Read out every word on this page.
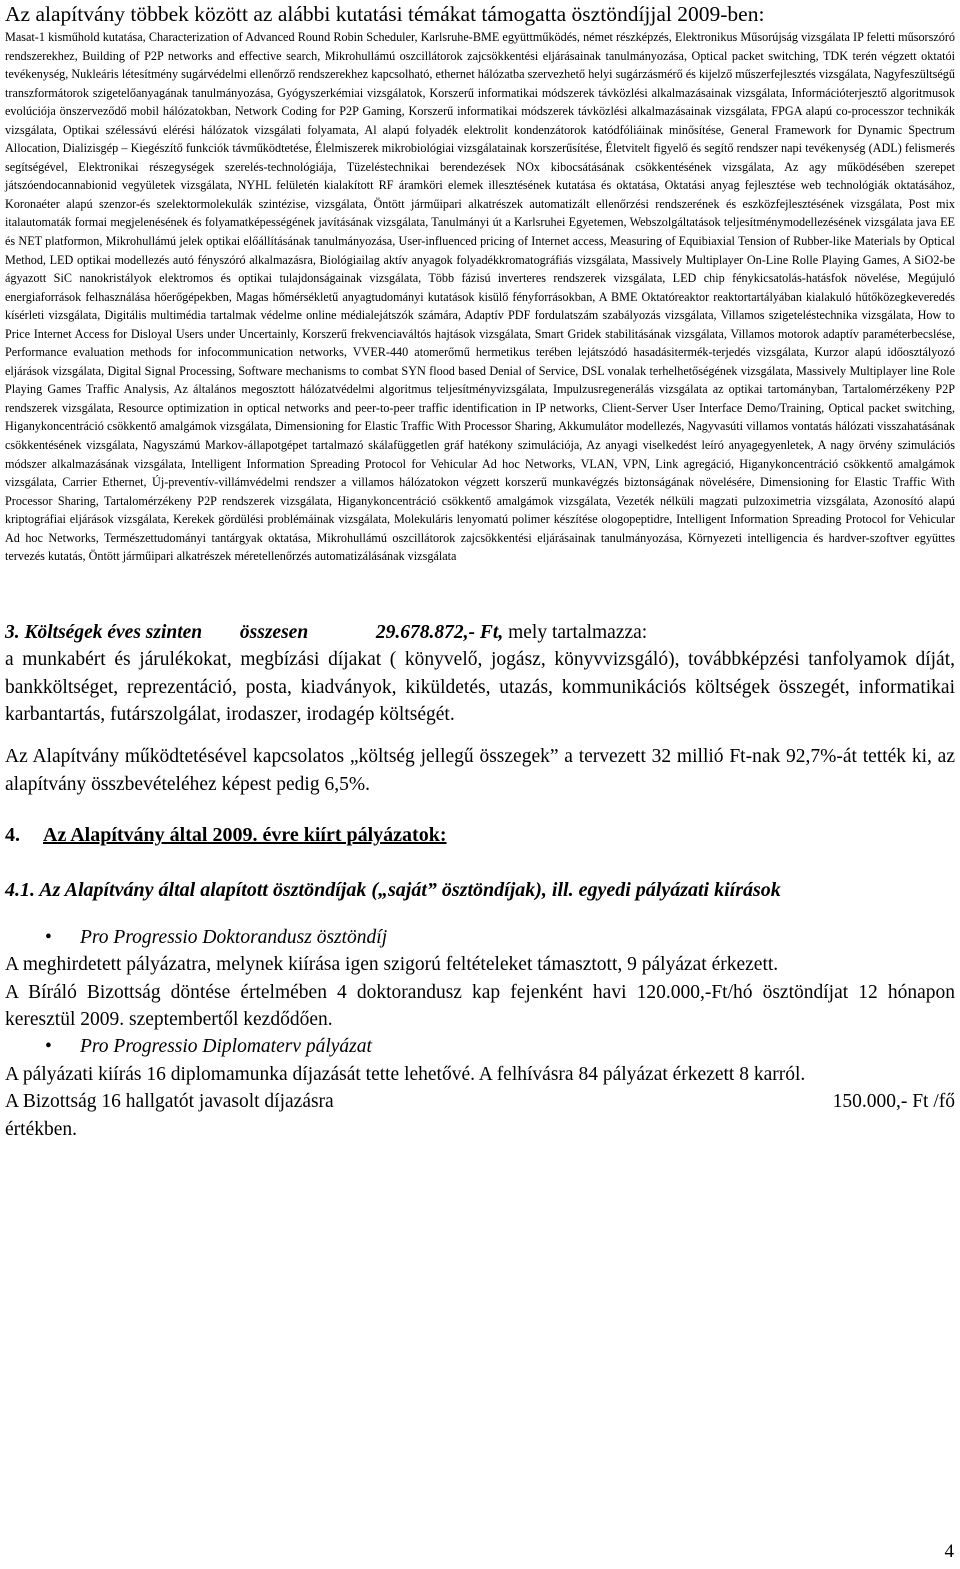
Az alapítvány többek között az alábbi kutatási témákat támogatta ösztöndíjjal 2009-ben:

Masat-1 kisműhold kutatása, Characterization of Advanced Round Robin Scheduler, Karlsruhe-BME együttműködés, német részképzés, Elektronikus Műsorújság vizsgálata IP feletti műsorszóró rendszerekhez, Building of P2P networks and effective search, Mikrohullámú oszcillátorok zajcsökkentési eljárásainak tanulmányozása, Optical packet switching, TDK terén végzett oktatói tevékenység, Nukleáris létesítmény sugárvédelmi ellenőrző rendszerekhez kapcsolható, ethernet hálózatba szervezhető helyi sugárzásmérő és kijelző műszerfejlesztés vizsgálata, Nagyfeszültségű transzformátorok szigetelőanyagának tanulmányozása, Gyógyszerkémiai vizsgálatok, Korszerű informatikai módszerek távközlési alkalmazásainak vizsgálata, Információterjesztő algoritmusok evolúciója önszerveződő mobil hálózatokban, Network Coding for P2P Gaming, Korszerű informatikai módszerek távközlési alkalmazásainak vizsgálata, FPGA alapú co-processzor technikák vizsgálata, Optikai szélessávú elérési hálózatok vizsgálati folyamata, Al alapú folyadék elektrolit kondenzátorok katódfóliáinak minősítése, General Framework for Dynamic Spectrum Allocation, Dializisgép – Kiegészítő funkciók távműködtetése, Élelmiszerek mikrobiológiai vizsgálatainak korszerűsítése, Életvitelt figyelő és segítő rendszer napi tevékenység (ADL) felismerés segítségével, Elektronikai részegységek szerelés-technológiája, Tüzeléstechnikai berendezések NOx kibocsátásának csökkentésének vizsgálata, Az agy működésében szerepet játszóendocannabionid vegyületek vizsgálata, NYHL felületén kialakított RF áramköri elemek illesztésének kutatása és oktatása, Oktatási anyag fejlesztése web technológiák oktatásához, Koronaéter alapú szenzor-és szelektormolekulák szintézise, vizsgálata, Öntött járműipari alkatrészek automatizált ellenőrzési rendszerének és eszközfejlesztésének vizsgálata, Post mix italautomaták formai megjelenésének és folyamatképességének javításának vizsgálata, Tanulmányi út a Karlsruhei Egyetemen, Webszolgáltatások teljesítménymodellezésének vizsgálata java EE és NET platformon, Mikrohullámú jelek optikai előállításának tanulmányozása, User-influenced pricing of Internet access, Measuring of Equibiaxial Tension of Rubber-like Materials by Optical Method, LED optikai modellezés autó fényszóró alkalmazásra, Biológiailag aktív anyagok folyadékkromatográfiás vizsgálata, Massively Multiplayer On-Line Rolle Playing Games, A SiO2-be ágyazott SiC nanokristályok elektromos és optikai tulajdonságainak vizsgálata, Több fázisú inverteres rendszerek vizsgálata, LED chip fénykicsatolás-hatásfok növelése, Megújuló energiaforrások felhasználása hőerőgépekben, Magas hőmérsékletű anyagtudományi kutatások kisülő fényforrásokban, A BME Oktatóreaktor reaktortartályában kialakuló hűtőközegkeveredés kísérleti vizsgálata, Digitális multimédia tartalmak védelme online médialejátszók számára, Adaptív PDF fordulatszám szabályozás vizsgálata, Villamos szigeteléstechnika vizsgálata, How to Price Internet Access for Disloyal Users under Uncertainly, Korszerű frekvenciaváltós hajtások vizsgálata, Smart Gridek stabilitásának vizsgálata, Villamos motorok adaptív paraméterbecslése, Performance evaluation methods for infocommunication networks, VVER-440 atomerőmű hermetikus terében lejátszódó hasadásitermék-terjedés vizsgálata, Kurzor alapú időosztályozó eljárások vizsgálata, Digital Signal Processing, Software mechanisms to combat SYN flood based Denial of Service, DSL vonalak terhelhetőségének vizsgálata, Massively Multiplayer line Role Playing Games Traffic Analysis, Az általános megosztott hálózatvédelmi algoritmus teljesítményvizsgálata, Impulzusregenerálás vizsgálata az optikai tartományban, Tartalomérzékeny P2P rendszerek vizsgálata, Resource optimization in optical networks and peer-to-peer traffic identification in IP networks, Client-Server User Interface Demo/Training, Optical packet switching, Higanykoncentráció csökkentő amalgámok vizsgálata, Dimensioning for Elastic Traffic With Processor Sharing, Akkumulátor modellezés, Nagyvasúti villamos vontatás hálózati visszahatásának csökkentésének vizsgálata, Nagyszámú Markov-állapotgépet tartalmazó skálafüggetlen gráf hatékony szimulációja, Az anyagi viselkedést leíró anyagegyenletek, A nagy örvény szimulációs módszer alkalmazásának vizsgálata, Intelligent Information Spreading Protocol for Vehicular Ad hoc Networks, VLAN, VPN, Link agregáció, Higanykoncentráció csökkentő amalgámok vizsgálata, Carrier Ethernet, Új-preventív-villámvédelmi rendszer a villamos hálózatokon végzett korszerű munkavégzés biztonságának növelésére, Dimensioning for Elastic Traffic With Processor Sharing, Tartalomérzékeny P2P rendszerek vizsgálata, Higanykoncentráció csökkentő amalgámok vizsgálata, Vezeték nélküli magzati pulzoximetria vizsgálata, Azonosító alapú kriptográfiai eljárások vizsgálata, Kerekek gördülési problémáinak vizsgálata, Molekuláris lenyomatú polimer készítése ologopeptidre, Intelligent Information Spreading Protocol for Vehicular Ad hoc Networks, Természettudományi tantárgyak oktatása, Mikrohullámú oszcillátorok zajcsökkentési eljárásainak tanulmányozása, Környezeti intelligencia és hardver-szoftver együttes tervezés kutatás, Öntött járműipari alkatrészek méretellenőrzés automatizálásának vizsgálata

3. Költségek éves szinten összesen	29.678.872,- Ft, mely tartalmazza:

a munkabért és járulékokat, megbízási díjakat ( könyvelő, jogász, könyvvizsgáló), továbbképzési tanfolyamok díját, bankköltséget, reprezentáció, posta, kiadványok, kiküldetés, utazás, kommunikációs költségek összegét, informatikai karbantartás, futárszolgálat, irodaszer, irodagép költségét.

Az Alapítvány működtetésével kapcsolatos „költség jellegű összegek” a tervezett 32 millió Ft-nak 92,7%-át tették ki, az alapítvány összbevételéhez képest pedig 6,5%.

4. Az Alapítvány által 2009. évre kiírt pályázatok:
4.1. Az Alapítvány által alapított ösztöndíjak („saját” ösztöndíjak), ill. egyedi pályázati kiírások
• Pro Progressio Doktorandusz ösztöndíj

A meghirdetett pályázatra, melynek kiírása igen szigorú feltételeket támasztott, 9 pályázat érkezett.

A Bíráló Bizottság döntése értelmében 4 doktorandusz kap fejenként havi 120.000,-Ft/hó ösztöndíjat 12 hónapon keresztül 2009. szeptembertől kezdődően.

• Pro Progressio Diplomaterv pályázat

A pályázati kiírás 16 diplomamunka díjazását tette lehetővé. A felhívásra 84 pályázat érkezett 8 karról.

A Bizottság 16 hallgatót javasolt díjazásra	150.000,- Ft /fő

értékben.

4
